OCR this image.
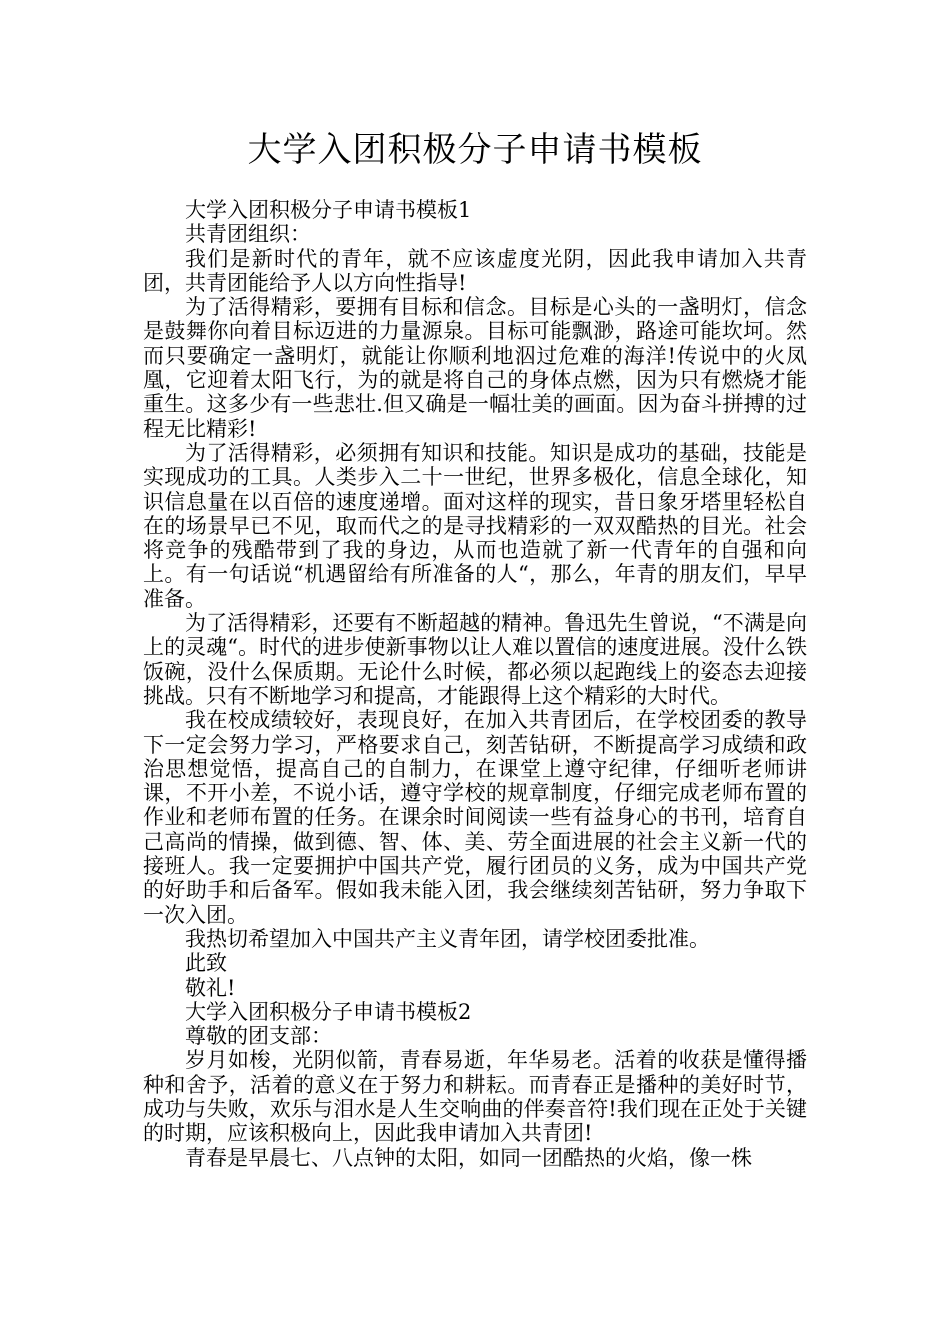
大学入团积极分子申请书模板

大学入团积极分子申请书模板1

共青团组织：

我们是新时代的青年，就不应该虚度光阴，因此我申请加入共青团，共青团能给予人以方向性指导!

为了活得精彩，要拥有目标和信念。目标是心头的一盏明灯，信念是鼓舞你向着目标迈进的力量源泉。目标可能飘渺，路途可能坎坷。然而只要确定一盏明灯，就能让你顺利地泅过危难的海洋!传说中的火凤凰，它迎着太阳飞行，为的就是将自己的身体点燃，因为只有燃烧才能重生。这多少有一些悲壮.但又确是一幅壮美的画面。因为奋斗拼搏的过程无比精彩!

为了活得精彩，必须拥有知识和技能。知识是成功的基础，技能是实现成功的工具。人类步入二十一世纪，世界多极化，信息全球化，知识信息量在以百倍的速度递增。面对这样的现实，昔日象牙塔里轻松自在的场景早已不见，取而代之的是寻找精彩的一双双酷热的目光。社会将竞争的残酷带到了我的身边，从而也造就了新一代青年的自强和向上。有一句话说“机遇留给有所准备的人“，那么，年青的朋友们，早早准备。

为了活得精彩，还要有不断超越的精神。鲁迅先生曾说，“不满是向上的灵魂“。时代的进步使新事物以让人难以置信的速度进展。没什么铁饭碗，没什么保质期。无论什么时候，都必须以起跑线上的姿态去迎接挑战。只有不断地学习和提高，才能跟得上这个精彩的大时代。

我在校成绩较好，表现良好，在加入共青团后，在学校团委的教导下一定会努力学习，严格要求自己，刻苦钻研，不断提高学习成绩和政治思想觉悟，提高自己的自制力，在课堂上遵守纪律，仔细听老师讲课，不开小差，不说小话，遵守学校的规章制度，仔细完成老师布置的作业和老师布置的任务。在课余时间阅读一些有益身心的书刊，培育自己高尚的情操，做到德、智、体、美、劳全面进展的社会主义新一代的接班人。我一定要拥护中国共产党，履行团员的义务，成为中国共产党的好助手和后备军。假如我未能入团，我会继续刻苦钻研，努力争取下一次入团。

我热切希望加入中国共产主义青年团，请学校团委批准。

此致

敬礼!

大学入团积极分子申请书模板2

尊敬的团支部：

岁月如梭，光阴似箭，青春易逝，年华易老。活着的收获是懂得播种和舍予，活着的意义在于努力和耕耘。而青春正是播种的美好时节，成功与失败，欢乐与泪水是人生交响曲的伴奏音符!我们现在正处于关键的时期，应该积极向上，因此我申请加入共青团!

青春是早晨七、八点钟的太阳，如同一团酷热的火焰，像一株
